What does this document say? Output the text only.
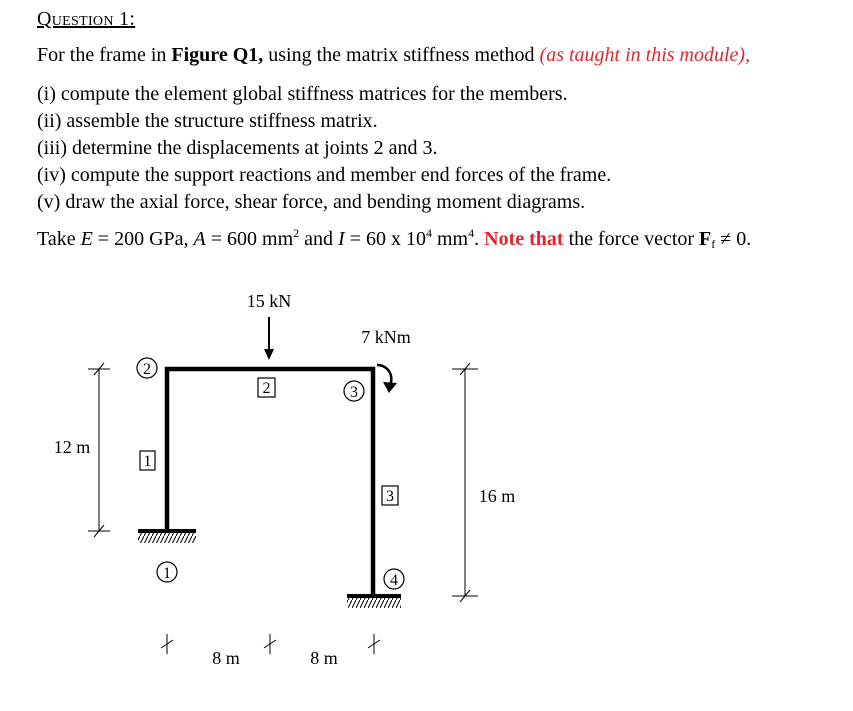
Question 1:
For the frame in Figure Q1, using the matrix stiffness method (as taught in this module),
(i) compute the element global stiffness matrices for the members.
(ii) assemble the structure stiffness matrix.
(iii) determine the displacements at joints 2 and 3.
(iv) compute the support reactions and member end forces of the frame.
(v) draw the axial force, shear force, and bending moment diagrams.
Take E = 200 GPa, A = 600 $mm^2$ and I = 60 x $10^4$ $mm^4$. Note that the force vector $F_f \ne 0$.
15 kN
7 kNm
2
3
1	4
1
2
3
12 m
16 m
8 m	8 m
